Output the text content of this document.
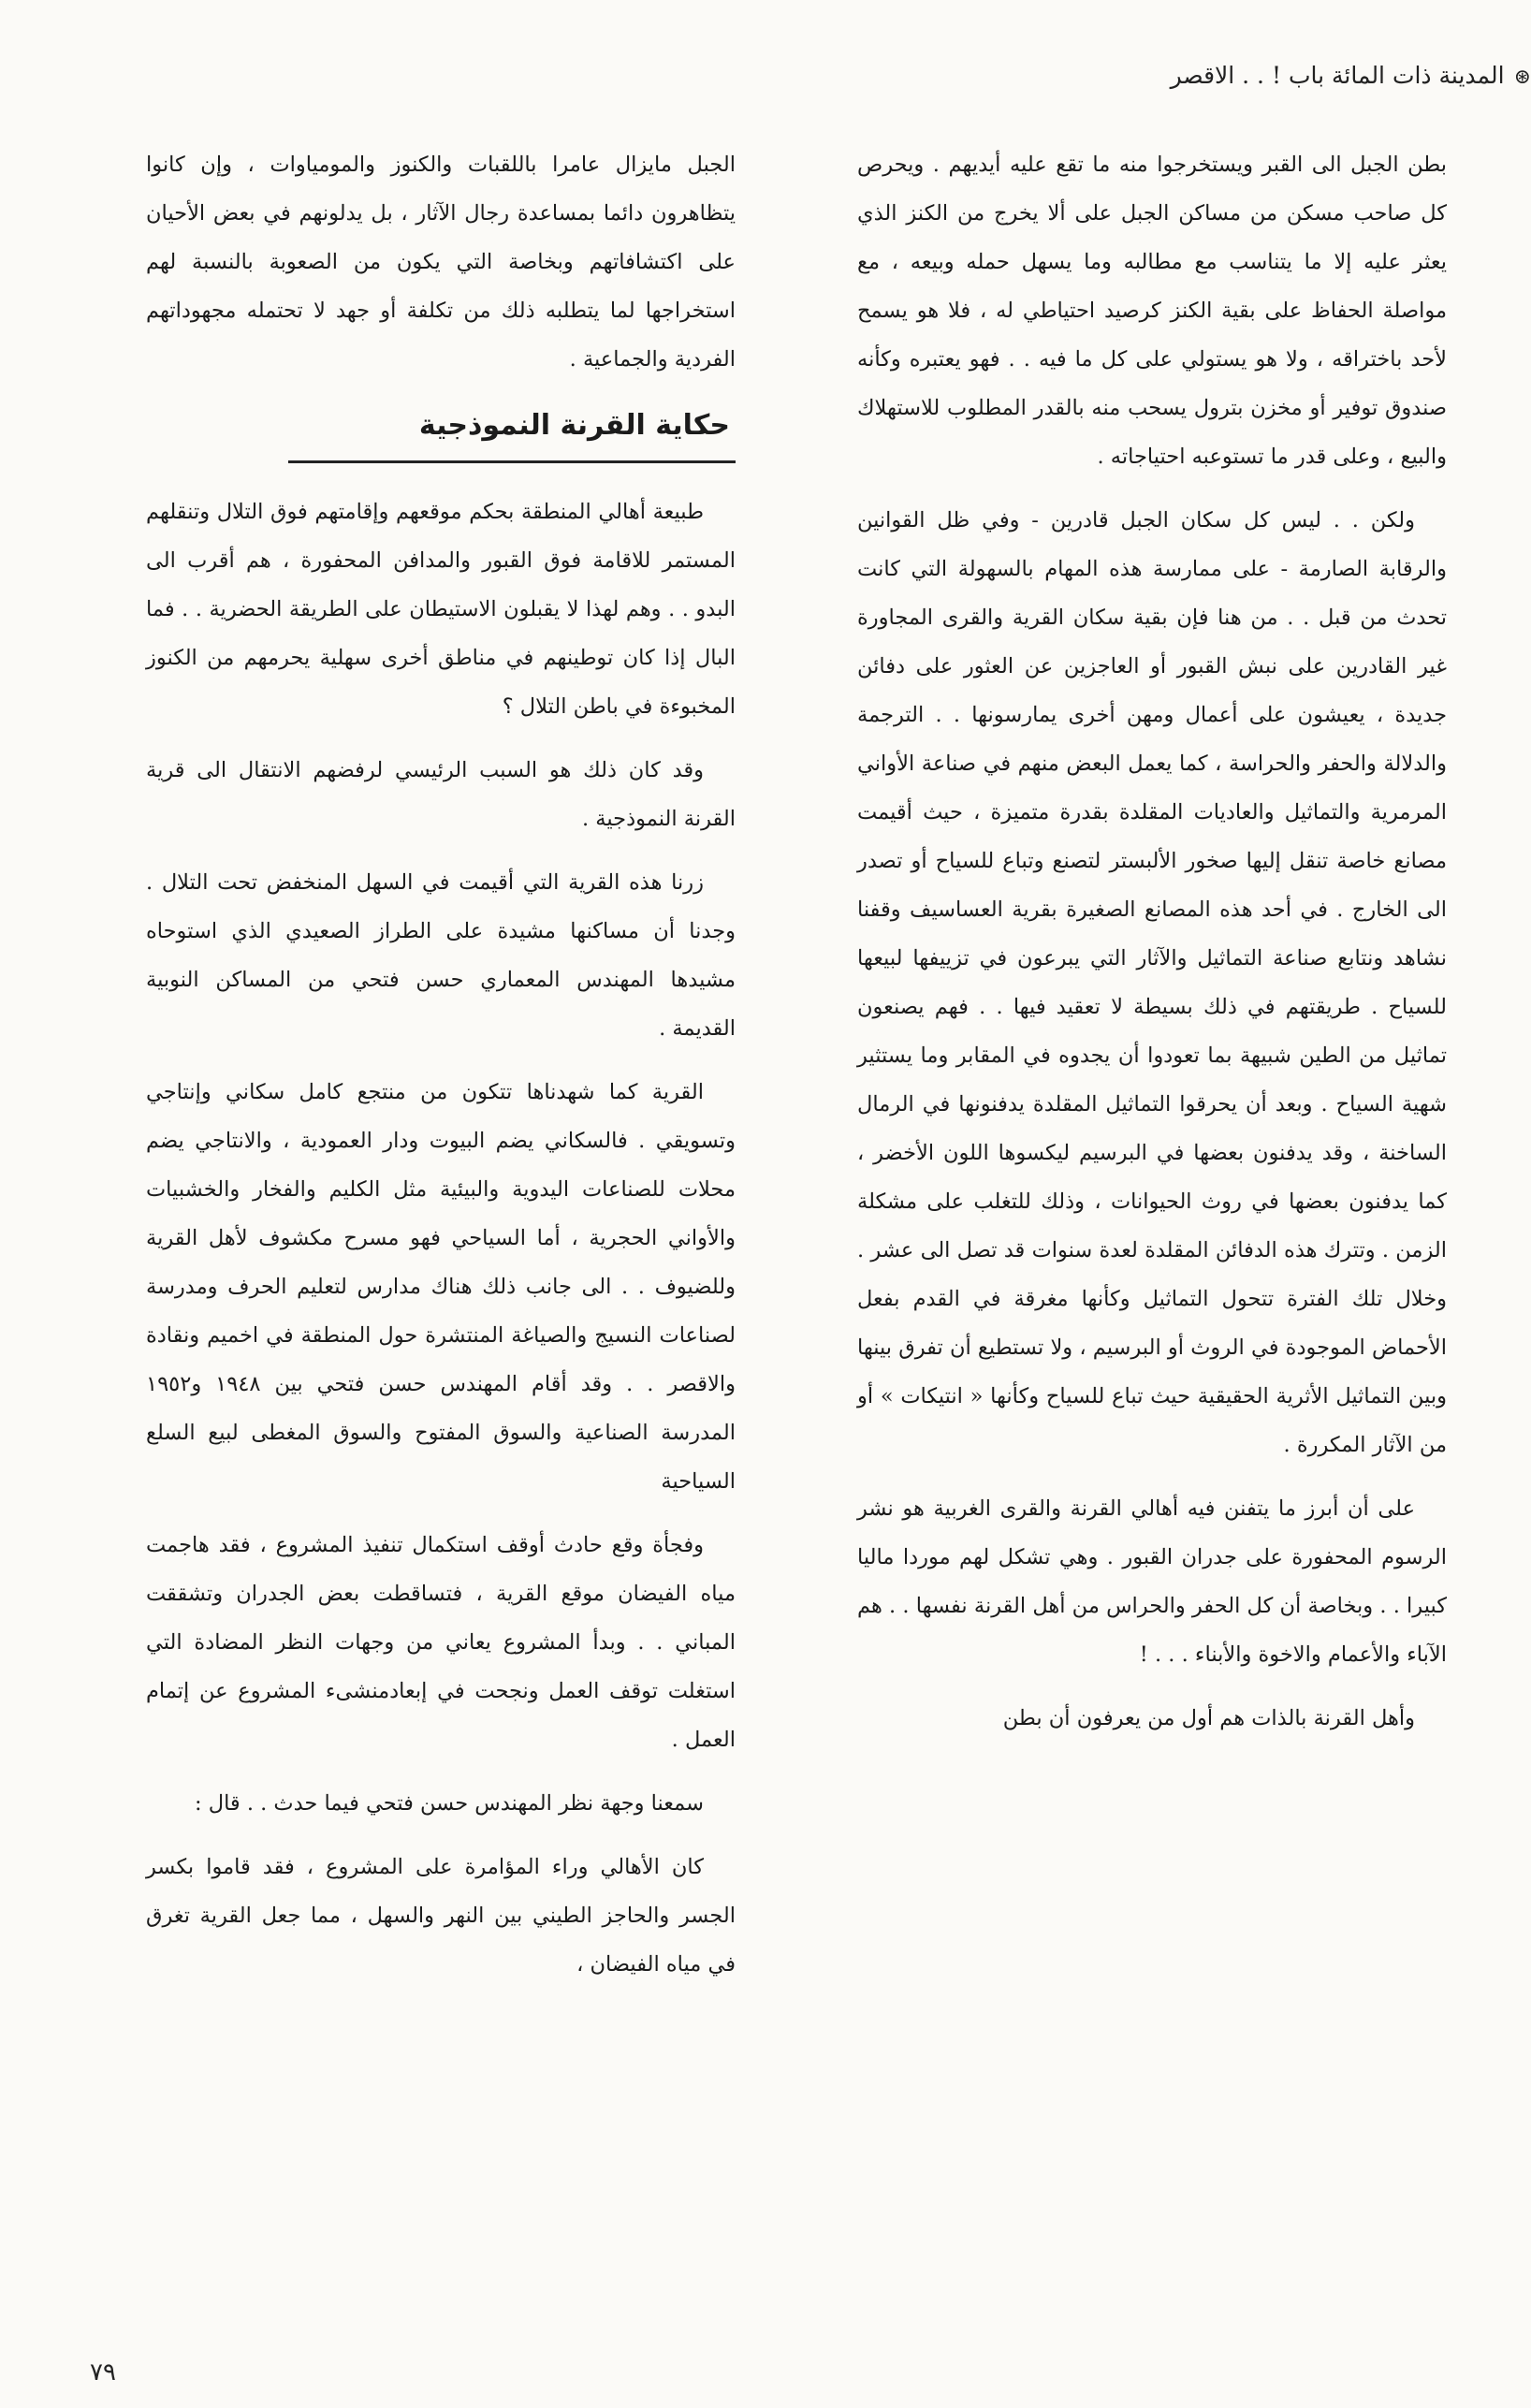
⊛المدينة ذات المائة باب ! . . الاقصر

بطن الجبل الى القبر ويستخرجوا منه ما تقع عليه أيديهم . ويحرص كل صاحب مسكن من مساكن الجبل على ألا يخرج من الكنز الذي يعثر عليه إلا ما يتناسب مع مطالبه وما يسهل حمله وبيعه ، مع مواصلة الحفاظ على بقية الكنز كرصيد احتياطي له ، فلا هو يسمح لأحد باختراقه ، ولا هو يستولي على كل ما فيه . . فهو يعتبره وكأنه صندوق توفير أو مخزن بترول يسحب منه بالقدر المطلوب للاستهلاك والبيع ، وعلى قدر ما تستوعبه احتياجاته .

ولكن . . ليس كل سكان الجبل قادرين - وفي ظل القوانين والرقابة الصارمة - على ممارسة هذه المهام بالسهولة التي كانت تحدث من قبل . . من هنا فإن بقية سكان القرية والقرى المجاورة غير القادرين على نبش القبور أو العاجزين عن العثور على دفائن جديدة ، يعيشون على أعمال ومهن أخرى يمارسونها . . الترجمة والدلالة والحفر والحراسة ، كما يعمل البعض منهم في صناعة الأواني المرمرية والتماثيل والعاديات المقلدة بقدرة متميزة ، حيث أقيمت مصانع خاصة تنقل إليها صخور الألبستر لتصنع وتباع للسياح أو تصدر الى الخارج . في أحد هذه المصانع الصغيرة بقرية العساسيف وقفنا نشاهد ونتابع صناعة التماثيل والآثار التي يبرعون في تزييفها لبيعها للسياح . طريقتهم في ذلك بسيطة لا تعقيد فيها . . فهم يصنعون تماثيل من الطين شبيهة بما تعودوا أن يجدوه في المقابر وما يستثير شهية السياح . وبعد أن يحرقوا التماثيل المقلدة يدفنونها في الرمال الساخنة ، وقد يدفنون بعضها في البرسيم ليكسوها اللون الأخضر ، كما يدفنون بعضها في روث الحيوانات ، وذلك للتغلب على مشكلة الزمن . وتترك هذه الدفائن المقلدة لعدة سنوات قد تصل الى عشر . وخلال تلك الفترة تتحول التماثيل وكأنها مغرقة في القدم بفعل الأحماض الموجودة في الروث أو البرسيم ، ولا تستطيع أن تفرق بينها وبين التماثيل الأثرية الحقيقية حيث تباع للسياح وكأنها « انتيكات » أو من الآثار المكررة .

على أن أبرز ما يتفنن فيه أهالي القرنة والقرى الغربية هو نشر الرسوم المحفورة على جدران القبور . وهي تشكل لهم موردا ماليا كبيرا . . وبخاصة أن كل الحفر والحراس من أهل القرنة نفسها . . هم الآباء والأعمام والاخوة والأبناء . . . !

وأهل القرنة بالذات هم أول من يعرفون أن بطن

الجبل مايزال عامرا باللقبات والكنوز والمومياوات ، وإن كانوا يتظاهرون دائما بمساعدة رجال الآثار ، بل يدلونهم في بعض الأحيان على اكتشافاتهم وبخاصة التي يكون من الصعوبة بالنسبة لهم استخراجها لما يتطلبه ذلك من تكلفة أو جهد لا تحتمله مجهوداتهم الفردية والجماعية .

حكاية القرنة النموذجية

طبيعة أهالي المنطقة بحكم موقعهم وإقامتهم فوق التلال وتنقلهم المستمر للاقامة فوق القبور والمدافن المحفورة ، هم أقرب الى البدو . . وهم لهذا لا يقبلون الاستيطان على الطريقة الحضرية . . فما البال إذا كان توطينهم في مناطق أخرى سهلية يحرمهم من الكنوز المخبوءة في باطن التلال ؟

وقد كان ذلك هو السبب الرئيسي لرفضهم الانتقال الى قرية القرنة النموذجية .

زرنا هذه القرية التي أقيمت في السهل المنخفض تحت التلال . وجدنا أن مساكنها مشيدة على الطراز الصعيدي الذي استوحاه مشيدها المهندس المعماري حسن فتحي من المساكن النوبية القديمة .

القرية كما شهدناها تتكون من منتجع كامل سكاني وإنتاجي وتسويقي . فالسكاني يضم البيوت ودار العمودية ، والانتاجي يضم محلات للصناعات اليدوية والبيئية مثل الكليم والفخار والخشبيات والأواني الحجرية ، أما السياحي فهو مسرح مكشوف لأهل القرية وللضيوف . . الى جانب ذلك هناك مدارس لتعليم الحرف ومدرسة لصناعات النسيج والصياغة المنتشرة حول المنطقة في اخميم ونقادة والاقصر . . وقد أقام المهندس حسن فتحي بين ١٩٤٨ و١٩٥٢ المدرسة الصناعية والسوق المفتوح والسوق المغطى لبيع السلع السياحية

وفجأة وقع حادث أوقف استكمال تنفيذ المشروع ، فقد هاجمت مياه الفيضان موقع القرية ، فتساقطت بعض الجدران وتشققت المباني . . وبدأ المشروع يعاني من وجهات النظر المضادة التي استغلت توقف العمل ونجحت في إبعادمنشىء المشروع عن إتمام العمل .

سمعنا وجهة نظر المهندس حسن فتحي فيما حدث . . قال :

كان الأهالي وراء المؤامرة على المشروع ، فقد قاموا بكسر الجسر والحاجز الطيني بين النهر والسهل ، مما جعل القرية تغرق في مياه الفيضان ،

٧٩
